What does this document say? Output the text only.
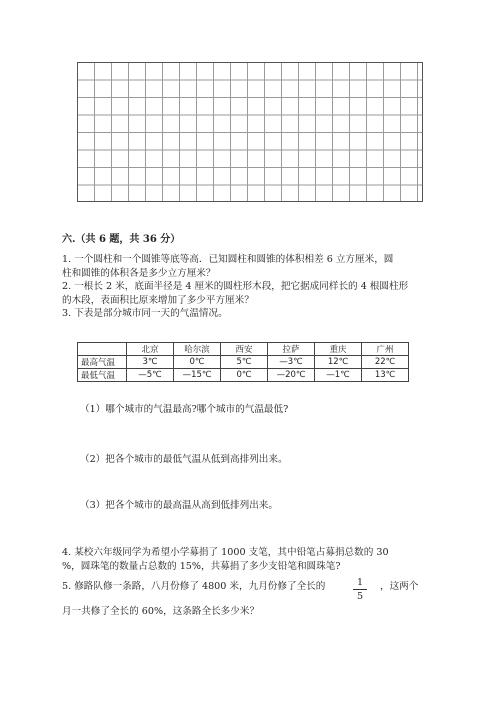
六.（共 6 题，共 36 分）
1. 一个圆柱和一个圆锥等底等高．已知圆柱和圆锥的体积相差 6 立方厘米，圆
柱和圆锥的体积各是多少立方厘米？
2. 一根长 2 米，底面半径是 4 厘米的圆柱形木段，把它据成同样长的 4 根圆柱形
的木段，表面积比原来增加了多少平方厘米？
3. 下表是部分城市同一天的气温情况。
	北京	哈尔滨	西安	拉萨	重庆	广州
最高气温	3℃	0℃	5℃	—3℃	12℃	22℃
最低气温	—5℃	—15℃	0℃	—20℃	—1℃	13℃
（1）哪个城市的气温最高?哪个城市的气温最低?
（2）把各个城市的最低气温从低到高排列出来。
（3）把各个城市的最高温从高到低排列出来。
4. 某校六年级同学为希望小学募捐了 1000 支笔，其中铅笔占募捐总数的 30
%，圆珠笔的数量占总数的 15%，共募捐了多少支铅笔和圆珠笔?
5. 修路队修一条路，八月份修了 4800 米，九月份修了全长的	1
5
，这两个
月一共修了全长的 60%，这条路全长多少米？
